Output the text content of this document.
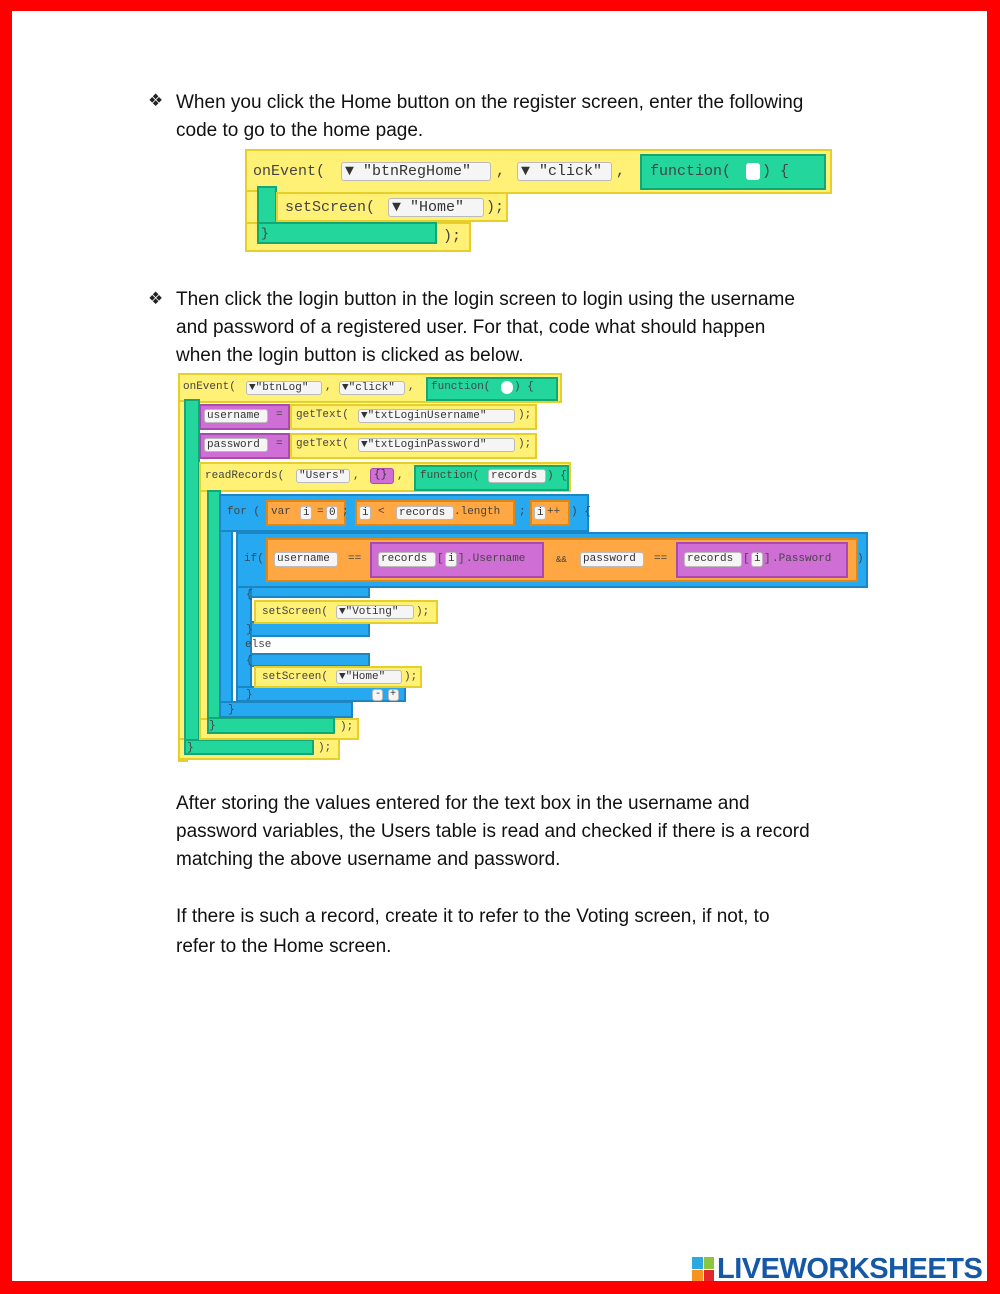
❖ When you click the Home button on the register screen, enter the following
code to go to the home page.
onEvent( ▼ "btnRegHome"	, ▼ "click" , function( ) {
setScreen( ▼ "Home"	);
}	);
❖ Then click the login button in the login screen to login using the username
and password of a registered user. For that, code what should happen
when the login button is clicked as below.
onEvent( ▼"btnLog"	, ▼"click"	, function( ) {
username	= getText( ▼"txtLoginUsername"	);
password	= getText( ▼"txtLoginPassword"	);
readRecords( "Users" ,	{} , function( records ) {
for ( var i = 0 ; i < records .length ; i ++ ) {
if( username	== records [ i ] .Username	&& password	== records [ i ] .Password )
{
setScreen( ▼"Voting"	);
}
else
{
setScreen( ▼"Home"	);
}	- +
}
}	);
}	);
After storing the values entered for the text box in the username and
password variables, the Users table is read and checked if there is a record
matching the above username and password.
If there is such a record, create it to refer to the Voting screen, if not, to
refer to the Home screen.
LIVEWORKSHEETS
